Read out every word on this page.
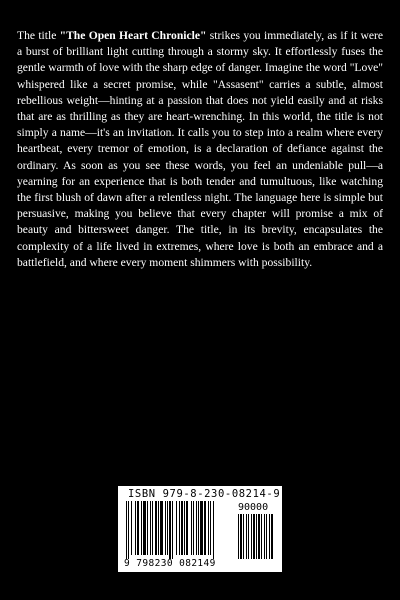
The title "The Open Heart Chronicle" strikes you immediately, as if it were a burst of brilliant light cutting through a stormy sky. It effortlessly fuses the gentle warmth of love with the sharp edge of danger. Imagine the word "Love" whispered like a secret promise, while "Assasent" carries a subtle, almost rebellious weight—hinting at a passion that does not yield easily and at risks that are as thrilling as they are heart-wrenching. In this world, the title is not simply a name—it's an invitation. It calls you to step into a realm where every heartbeat, every tremor of emotion, is a declaration of defiance against the ordinary. As soon as you see these words, you feel an undeniable pull—a yearning for an experience that is both tender and tumultuous, like watching the first blush of dawn after a relentless night. The language here is simple but persuasive, making you believe that every chapter will promise a mix of beauty and bittersweet danger. The title, in its brevity, encapsulates the complexity of a life lived in extremes, where love is both an embrace and a battlefield, and where every moment shimmers with possibility.

ISBN 979-8-230-08214-9
90000
9 798230 082149
